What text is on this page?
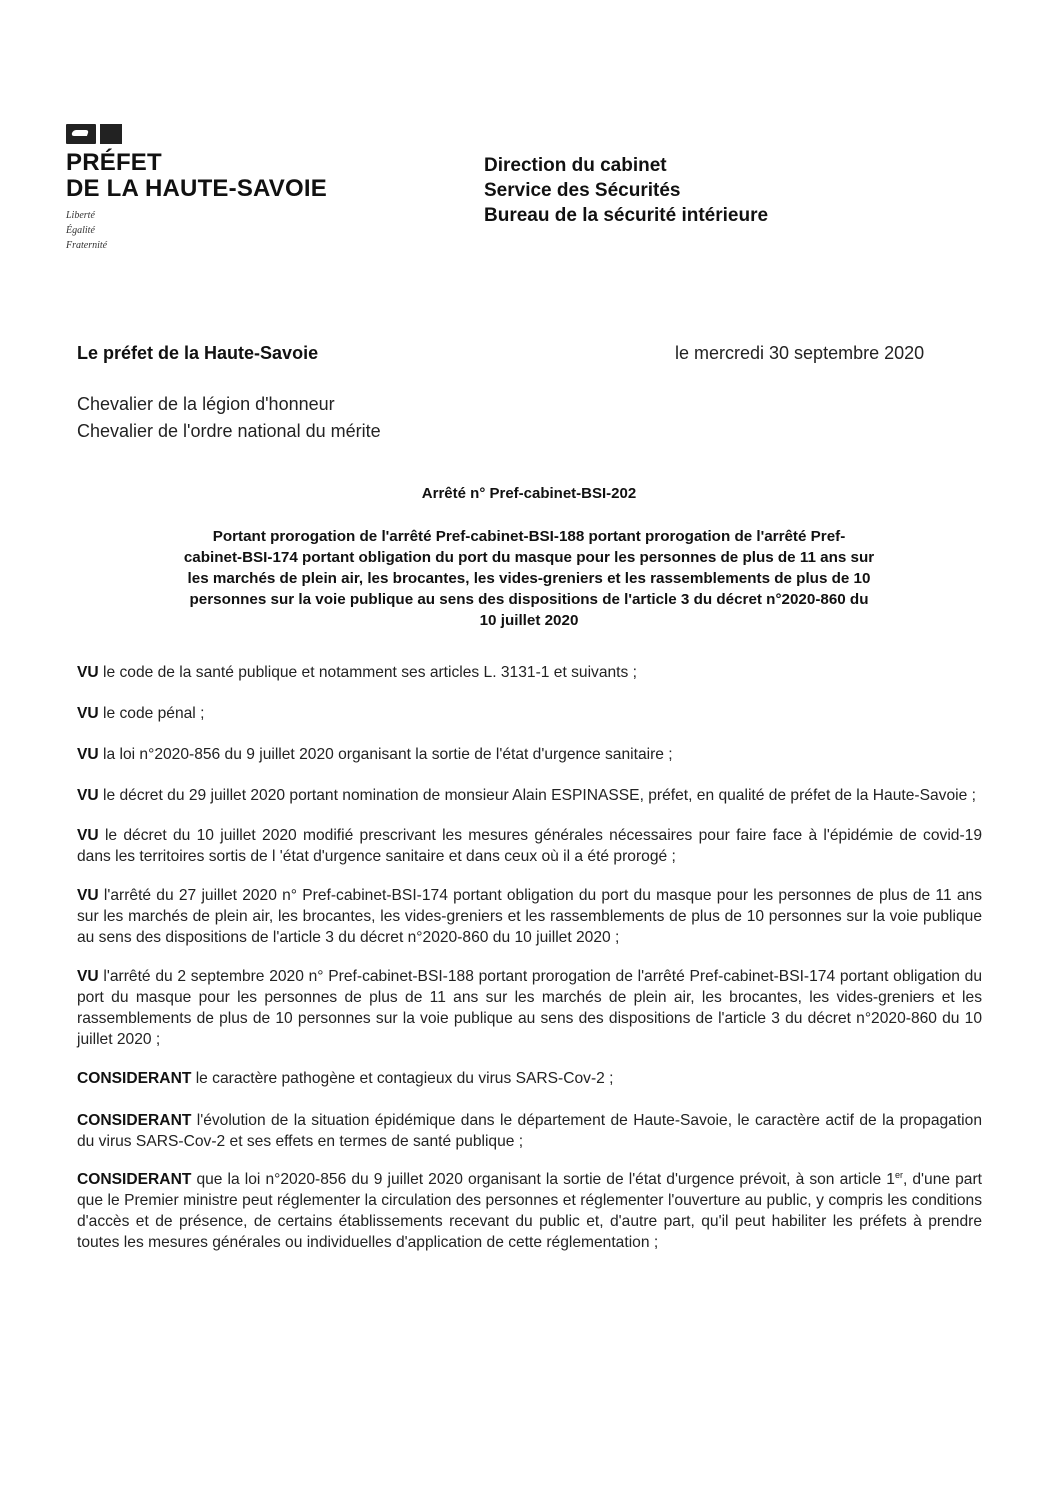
PRÉFET
DE LA HAUTE-SAVOIE
Liberté
Égalité
Fraternité
Direction du cabinet
Service des Sécurités
Bureau de la sécurité intérieure
Le préfet de la Haute-Savoie	le mercredi 30 septembre 2020
Chevalier de la légion d'honneur
Chevalier de l'ordre national du mérite
Arrêté n° Pref-cabinet-BSI-202
Portant prorogation de l'arrêté Pref-cabinet-BSI-188 portant prorogation de l'arrêté Pref-
cabinet-BSI-174 portant obligation du port du masque pour les personnes de plus de 11 ans sur
les marchés de plein air, les brocantes, les vides-greniers et les rassemblements de plus de 10
personnes sur la voie publique au sens des dispositions de l'article 3 du décret n°2020-860 du
10 juillet 2020

VU le code de la santé publique et notamment ses articles L. 3131-1 et suivants ;

VU le code pénal ;

VU la loi n°2020-856 du 9 juillet 2020 organisant la sortie de l'état d'urgence sanitaire ;

VU le décret du 29 juillet 2020 portant nomination de monsieur Alain ESPINASSE, préfet, en qualité de préfet de la Haute-Savoie ;

VU le décret du 10 juillet 2020 modifié prescrivant les mesures générales nécessaires pour faire face à l'épidémie de covid-19 dans les territoires sortis de l 'état d'urgence sanitaire et dans ceux où il a été prorogé ;

VU l'arrêté du 27 juillet 2020 n° Pref-cabinet-BSI-174 portant obligation du port du masque pour les personnes de plus de 11 ans sur les marchés de plein air, les brocantes, les vides-greniers et les rassemblements de plus de 10 personnes sur la voie publique au sens des dispositions de l'article 3 du décret n°2020-860 du 10 juillet 2020 ;

VU l'arrêté du 2 septembre 2020 n° Pref-cabinet-BSI-188 portant prorogation de l'arrêté Pref-cabinet-BSI-174 portant obligation du port du masque pour les personnes de plus de 11 ans sur les marchés de plein air, les brocantes, les vides-greniers et les rassemblements de plus de 10 personnes sur la voie publique au sens des dispositions de l'article 3 du décret n°2020-860 du 10 juillet 2020 ;

CONSIDERANT le caractère pathogène et contagieux du virus SARS-Cov-2 ;

CONSIDERANT l'évolution de la situation épidémique dans le département de Haute-Savoie, le caractère actif de la propagation du virus SARS-Cov-2 et ses effets en termes de santé publique ;

CONSIDERANT que la loi n°2020-856 du 9 juillet 2020 organisant la sortie de l'état d'urgence prévoit, à son article 1er, d'une part que le Premier ministre peut réglementer la circulation des personnes et réglementer l'ouverture au public, y compris les conditions d'accès et de présence, de certains établissements recevant du public et, d'autre part, qu'il peut habiliter les préfets à prendre toutes les mesures générales ou individuelles d'application de cette réglementation ;
